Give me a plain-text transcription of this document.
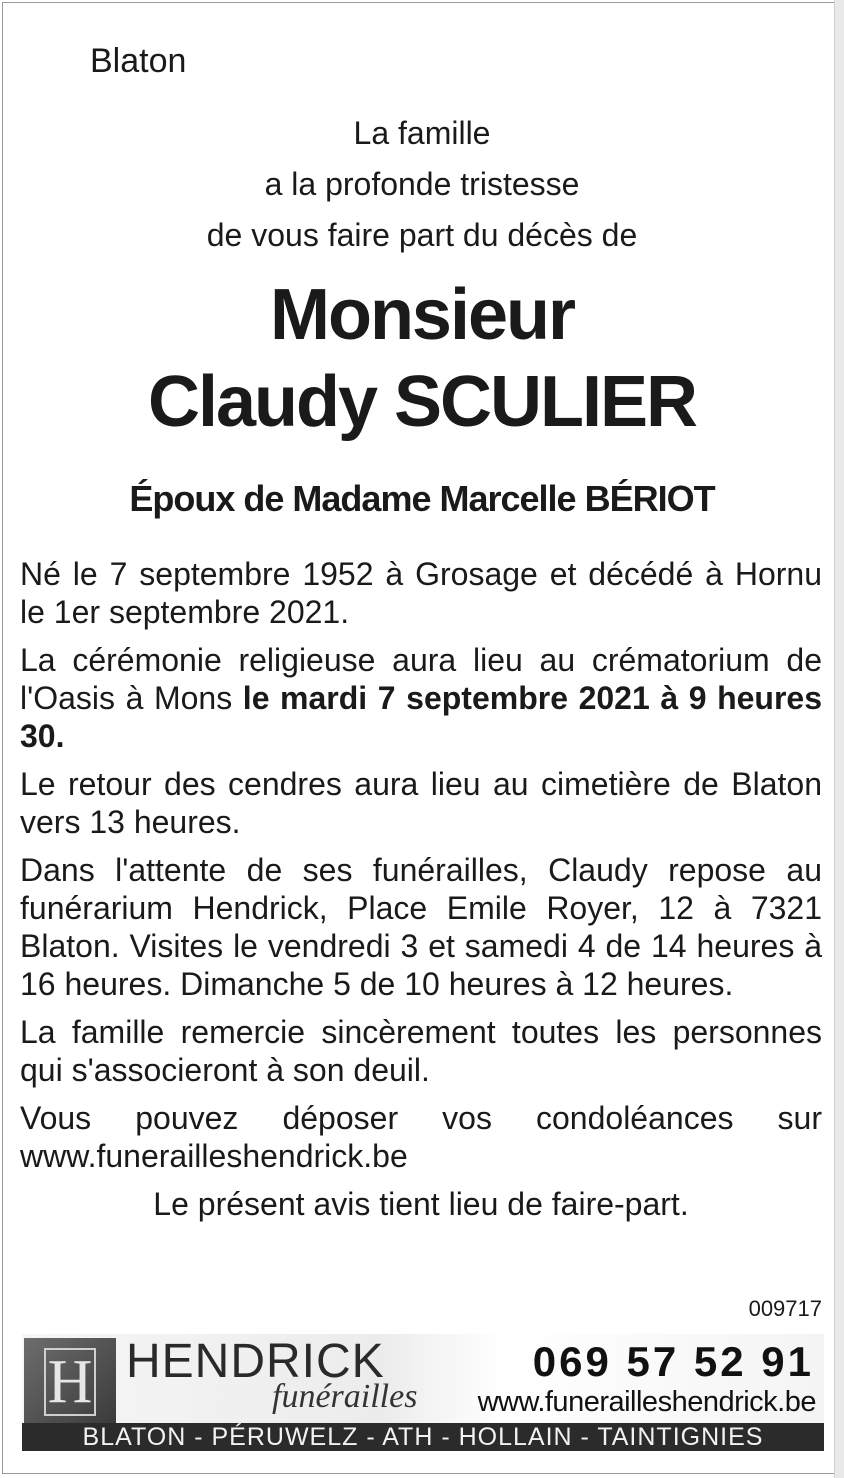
Blaton
La famille
a la profonde tristesse
de vous faire part du décès de
Monsieur
Claudy SCULIER
Époux de Madame Marcelle BÉRIOT

Né le 7 septembre 1952 à Grosage et décédé à Hornu le 1er septembre 2021.

La cérémonie religieuse aura lieu au crématorium de l'Oasis à Mons le mardi 7 septembre 2021 à 9 heures 30.

Le retour des cendres aura lieu au cimetière de Blaton vers 13 heures.

Dans l'attente de ses funérailles, Claudy repose au funérarium Hendrick, Place Emile Royer, 12 à 7321 Blaton. Visites le vendredi 3 et samedi 4 de 14 heures à 16 heures. Dimanche 5 de 10 heures à 12 heures.

La famille remercie sincèrement toutes les personnes qui s'associeront à son deuil.

Vous pouvez déposer vos condoléances sur www.funerailleshendrick.be

Le présent avis tient lieu de faire-part.

009717
H HENDRICK
funérailles
069 57 52 91
www.funerailleshendrick.be
BLATON - PÉRUWELZ - ATH - HOLLAIN - TAINTIGNIES
